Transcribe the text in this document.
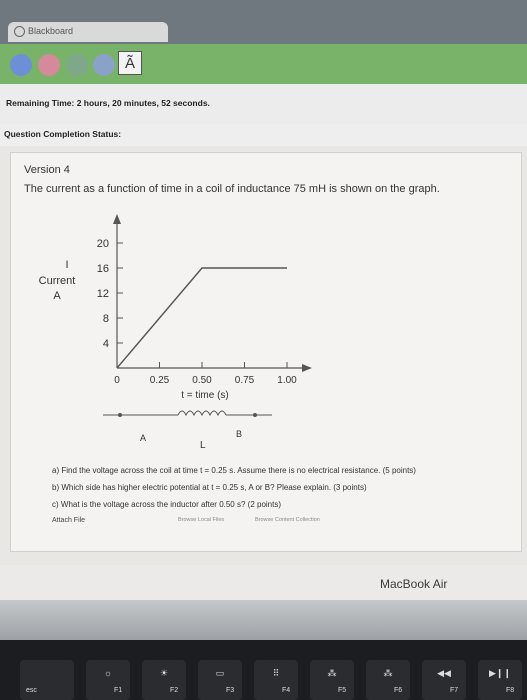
Blackboard
Ã
Remaining Time: 2 hours, 20 minutes, 52 seconds.
Question Completion Status:
Version 4
The current as a function of time in a coil of inductance 75 mH is shown on the graph.
20
16
12
8
4
0	0.25 0.50 0.75 1.00
I
Current
A
t = time (s)
A	B
L
a) Find the voltage across the coil at time t = 0.25 s. Assume there is no electrical resistance. (5 points)
b) Which side has higher electric potential at t = 0.25 s, A or B? Please explain. (3 points)
c) What is the voltage across the inductor after 0.50 s? (2 points)
Attach File	Browse Local Files	Browse Content Collection
MacBook Air
esc
☼
F1
☀
F2
▭
F3
⠿
F4
⁂
F5
⁂
F6
◀◀
F7
▶❙❙
F8
